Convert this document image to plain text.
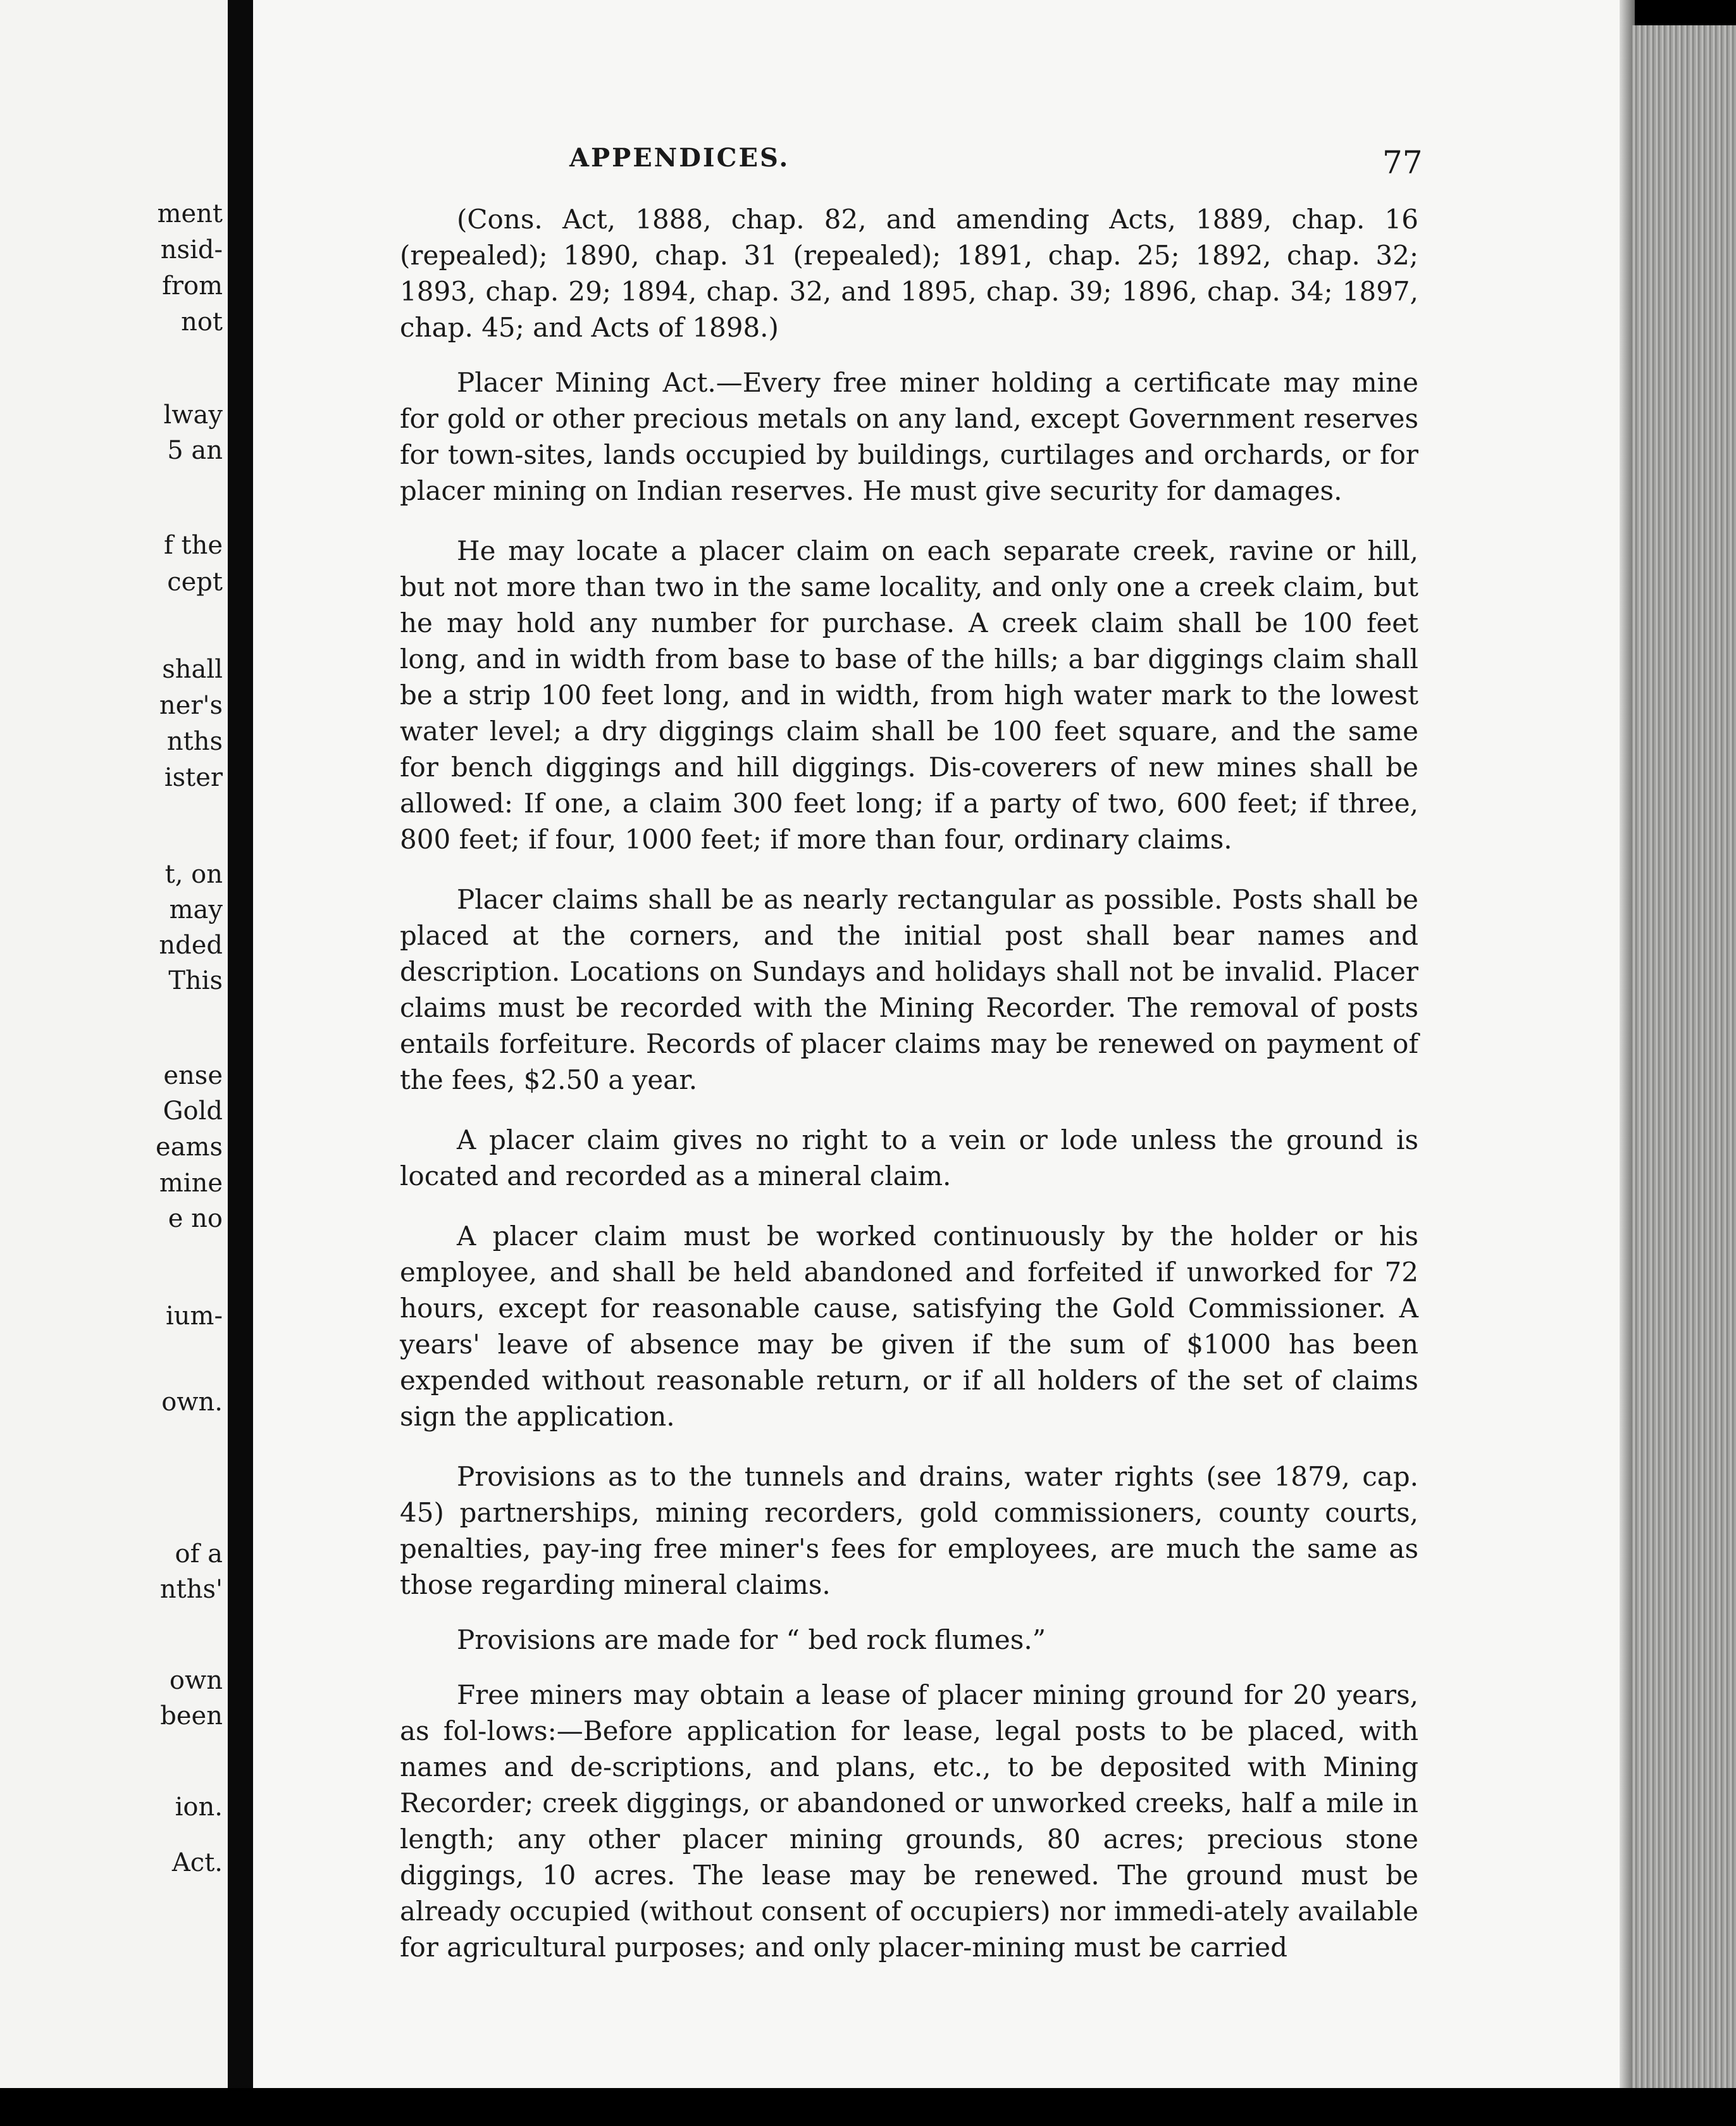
ment
nsid-
from
not
lway
5 an
f the
cept
shall
ner's
nths
ister
t, on
may
nded
This
ense
Gold
eams
mine
e no
ium-
own.
of a
nths'
own
been
ion.
Act.
APPENDICES.	77

(Cons. Act, 1888, chap. 82, and amending Acts, 1889, chap. 16 (repealed); 1890, chap. 31 (repealed); 1891, chap. 25; 1892, chap. 32; 1893, chap. 29; 1894, chap. 32, and 1895, chap. 39; 1896, chap. 34; 1897, chap. 45; and Acts of 1898.)

Placer Mining Act.—Every free miner holding a certificate may mine for gold or other precious metals on any land, except Government reserves for town-sites, lands occupied by buildings, curtilages and orchards, or for placer mining on Indian reserves. He must give security for damages.

He may locate a placer claim on each separate creek, ravine or hill, but not more than two in the same locality, and only one a creek claim, but he may hold any number for purchase. A creek claim shall be 100 feet long, and in width from base to base of the hills; a bar diggings claim shall be a strip 100 feet long, and in width, from high water mark to the lowest water level; a dry diggings claim shall be 100 feet square, and the same for bench diggings and hill diggings. Dis-coverers of new mines shall be allowed: If one, a claim 300 feet long; if a party of two, 600 feet; if three, 800 feet; if four, 1000 feet; if more than four, ordinary claims.

Placer claims shall be as nearly rectangular as possible. Posts shall be placed at the corners, and the initial post shall bear names and description. Locations on Sundays and holidays shall not be invalid. Placer claims must be recorded with the Mining Recorder. The removal of posts entails forfeiture. Records of placer claims may be renewed on payment of the fees, $2.50 a year.

A placer claim gives no right to a vein or lode unless the ground is located and recorded as a mineral claim.

A placer claim must be worked continuously by the holder or his employee, and shall be held abandoned and forfeited if unworked for 72 hours, except for reasonable cause, satisfying the Gold Commissioner. A years' leave of absence may be given if the sum of $1000 has been expended without reasonable return, or if all holders of the set of claims sign the application.

Provisions as to the tunnels and drains, water rights (see 1879, cap. 45) partnerships, mining recorders, gold commissioners, county courts, penalties, pay-ing free miner's fees for employees, are much the same as those regarding mineral claims.

Provisions are made for “ bed rock flumes.”

Free miners may obtain a lease of placer mining ground for 20 years, as fol-lows:—Before application for lease, legal posts to be placed, with names and de-scriptions, and plans, etc., to be deposited with Mining Recorder; creek diggings, or abandoned or unworked creeks, half a mile in length; any other placer mining grounds, 80 acres; precious stone diggings, 10 acres. The lease may be renewed. The ground must be already occupied (without consent of occupiers) nor immedi-ately available for agricultural purposes; and only placer-mining must be carried
